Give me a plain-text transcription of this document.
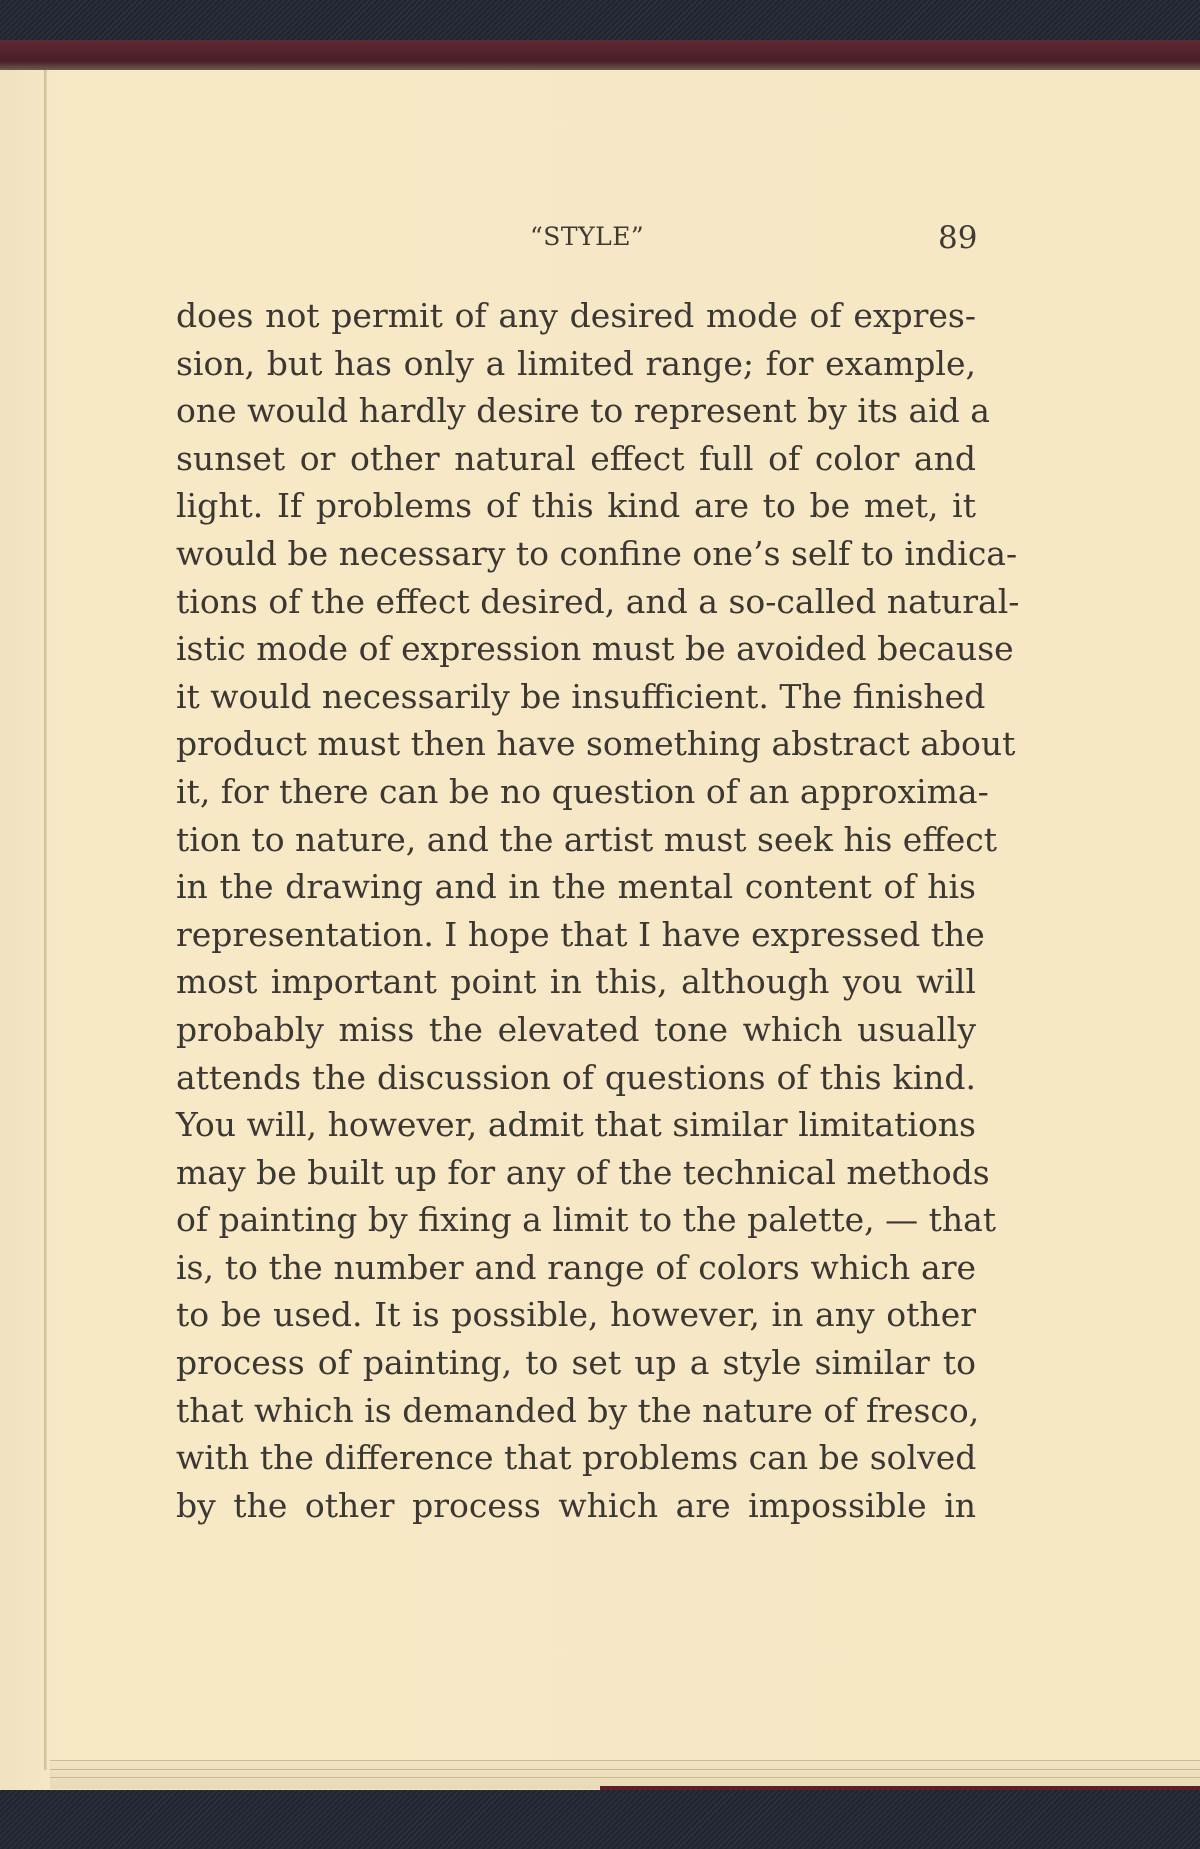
“STYLE”	89
does not permit of any desired mode of expres-
sion, but has only a limited range; for example,
one would hardly desire to represent by its aid a
sunset or other natural effect full of color and
light. If problems of this kind are to be met, it
would be necessary to confine one’s self to indica-
tions of the effect desired, and a so-called natural-
istic mode of expression must be avoided because
it would necessarily be insufficient. The finished
product must then have something abstract about
it, for there can be no question of an approxima-
tion to nature, and the artist must seek his effect
in the drawing and in the mental content of his
representation. I hope that I have expressed the
most important point in this, although you will
probably miss the elevated tone which usually
attends the discussion of questions of this kind.
You will, however, admit that similar limitations
may be built up for any of the technical methods
of painting by fixing a limit to the palette, — that
is, to the number and range of colors which are
to be used. It is possible, however, in any other
process of painting, to set up a style similar to
that which is demanded by the nature of fresco,
with the difference that problems can be solved
by the other process which are impossible in
